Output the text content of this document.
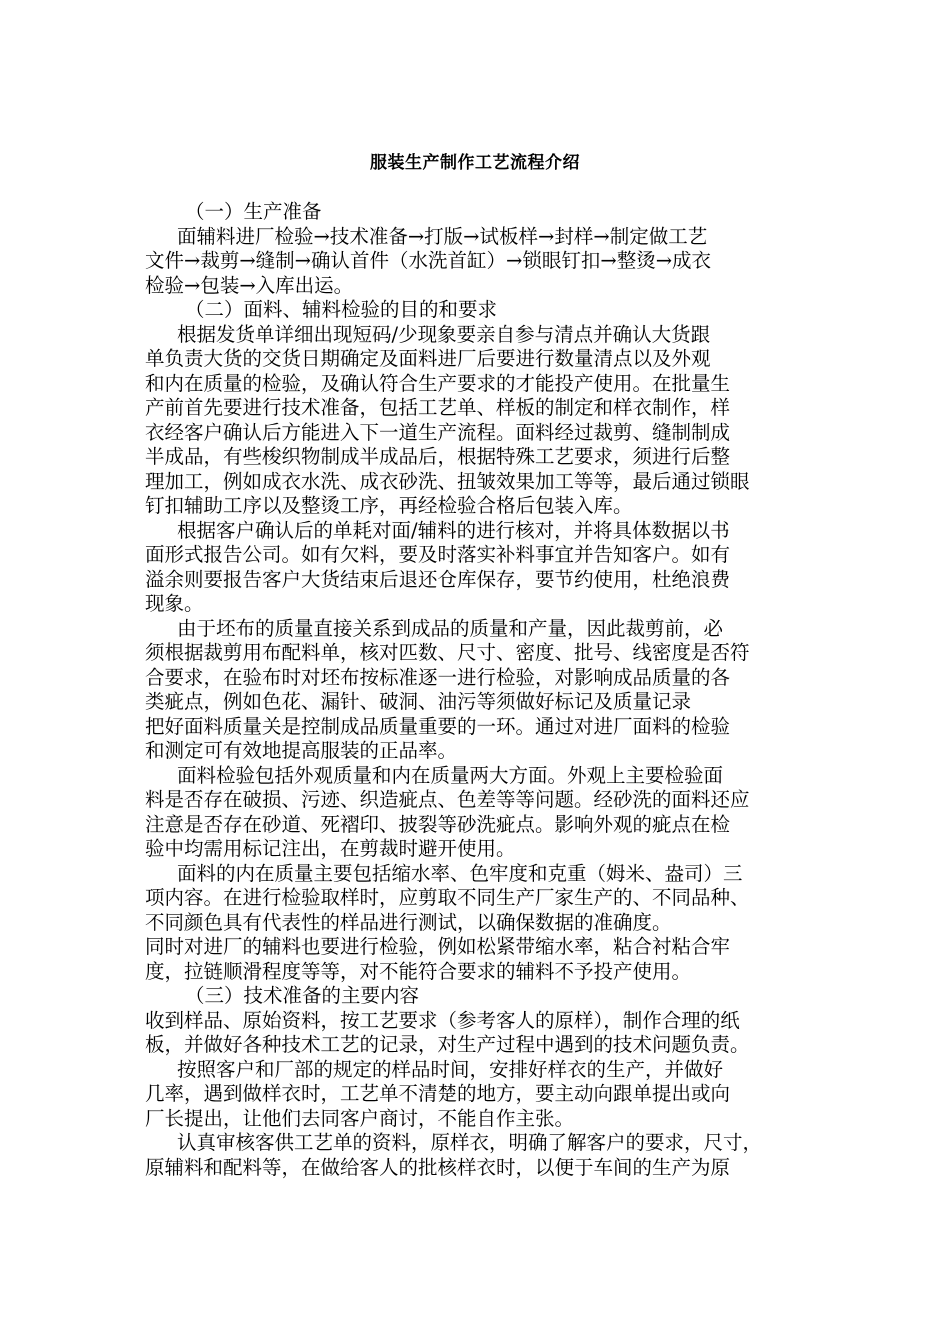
服装生产制作工艺流程介绍
（一）生产准备
面辅料进厂检验→技术准备→打版→试板样→封样→制定做工艺
文件→裁剪→缝制→确认首件（水洗首缸）→锁眼钉扣→整烫→成衣
检验→包装→入库出运。
（二）面料、辅料检验的目的和要求
根据发货单详细出现短码/少现象要亲自参与清点并确认大货跟
单负责大货的交货日期确定及面料进厂后要进行数量清点以及外观
和内在质量的检验，及确认符合生产要求的才能投产使用。在批量生
产前首先要进行技术准备，包括工艺单、样板的制定和样衣制作，样
衣经客户确认后方能进入下一道生产流程。面料经过裁剪、缝制制成
半成品，有些梭织物制成半成品后，根据特殊工艺要求，须进行后整
理加工，例如成衣水洗、成衣砂洗、扭皱效果加工等等，最后通过锁眼
钉扣辅助工序以及整烫工序，再经检验合格后包装入库。
根据客户确认后的单耗对面/辅料的进行核对，并将具体数据以书
面形式报告公司。如有欠料，要及时落实补料事宜并告知客户。如有
溢余则要报告客户大货结束后退还仓库保存，要节约使用，杜绝浪费
现象。
由于坯布的质量直接关系到成品的质量和产量，因此裁剪前，必
须根据裁剪用布配料单，核对匹数、尺寸、密度、批号、线密度是否符
合要求，在验布时对坯布按标准逐一进行检验，对影响成品质量的各
类疵点，例如色花、漏针、破洞、油污等须做好标记及质量记录
把好面料质量关是控制成品质量重要的一环。通过对进厂面料的检验
和测定可有效地提高服装的正品率。
面料检验包括外观质量和内在质量两大方面。外观上主要检验面
料是否存在破损、污迹、织造疵点、色差等等问题。经砂洗的面料还应
注意是否存在砂道、死褶印、披裂等砂洗疵点。影响外观的疵点在检
验中均需用标记注出，在剪裁时避开使用。
面料的内在质量主要包括缩水率、色牢度和克重（姆米、盎司）三
项内容。在进行检验取样时，应剪取不同生产厂家生产的、不同品种、
不同颜色具有代表性的样品进行测试，以确保数据的准确度。
同时对进厂的辅料也要进行检验，例如松紧带缩水率，粘合衬粘合牢
度，拉链顺滑程度等等，对不能符合要求的辅料不予投产使用。
（三）技术准备的主要内容
收到样品、原始资料，按工艺要求（参考客人的原样），制作合理的纸
板，并做好各种技术工艺的记录，对生产过程中遇到的技术问题负责。
按照客户和厂部的规定的样品时间，安排好样衣的生产，并做好
几率，遇到做样衣时，工艺单不清楚的地方，要主动向跟单提出或向
厂长提出，让他们去同客户商讨，不能自作主张。
认真审核客供工艺单的资料，原样衣，明确了解客户的要求，尺寸，
原辅料和配料等，在做给客人的批核样衣时，以便于车间的生产为原
